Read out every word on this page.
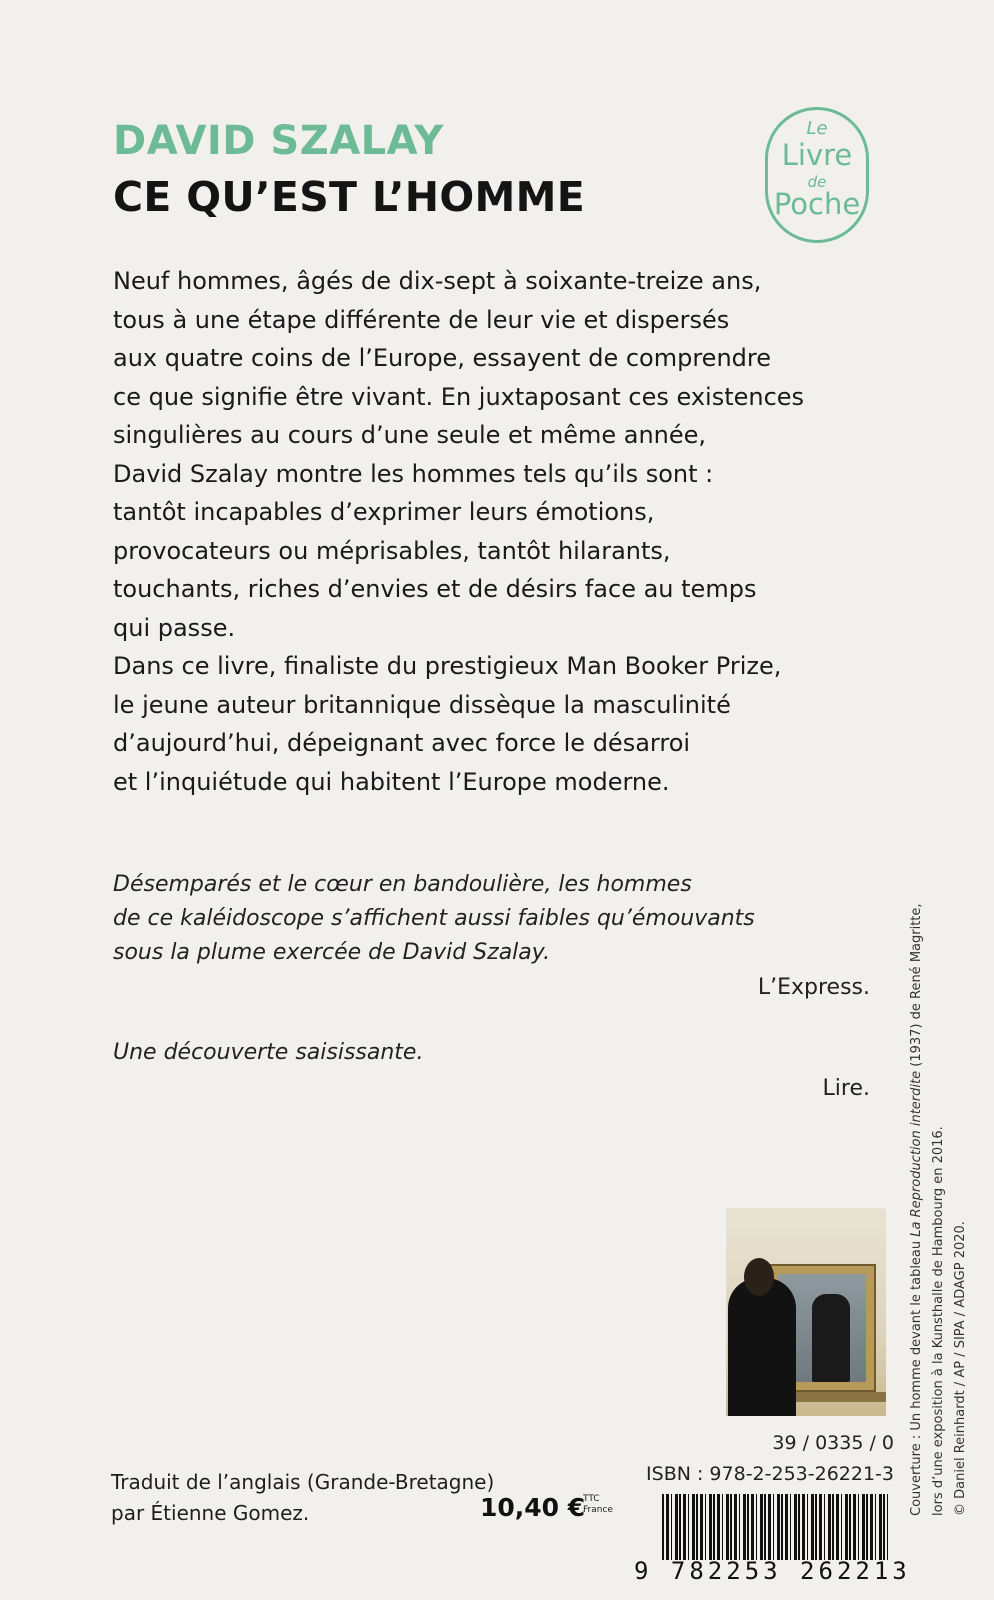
DAVID SZALAY
CE QU’EST L’HOMME
Le
Livre
de
Poche
Neuf hommes, âgés de dix-sept à soixante-treize ans,
tous à une étape différente de leur vie et dispersés
aux quatre coins de l’Europe, essayent de comprendre
ce que signifie être vivant. En juxtaposant ces existences
singulières au cours d’une seule et même année,
David Szalay montre les hommes tels qu’ils sont :
tantôt incapables d’exprimer leurs émotions,
provocateurs ou méprisables, tantôt hilarants,
touchants, riches d’envies et de désirs face au temps
qui passe.
Dans ce livre, finaliste du prestigieux Man Booker Prize,
le jeune auteur britannique dissèque la masculinité
d’aujourd’hui, dépeignant avec force le désarroi
et l’inquiétude qui habitent l’Europe moderne.
Désemparés et le cœur en bandoulière, les hommes
de ce kaléidoscope s’affichent aussi faibles qu’émouvants
sous la plume exercée de David Szalay.
L’Express.
Une découverte saisissante.
Lire.
Couverture : Un homme devant le tableau La Reproduction interdite (1937) de René Magritte,
lors d’une exposition à la Kunsthalle de Hambourg en 2016. © Daniel Reinhardt / AP / SIPA / ADAGP 2020.
39 / 0335 / 0
ISBN : 978-2-253-26221-3
Traduit de l’anglais (Grande-Bretagne)
par Étienne Gomez.	10,40 €
TTC
France
9 782253 262213
